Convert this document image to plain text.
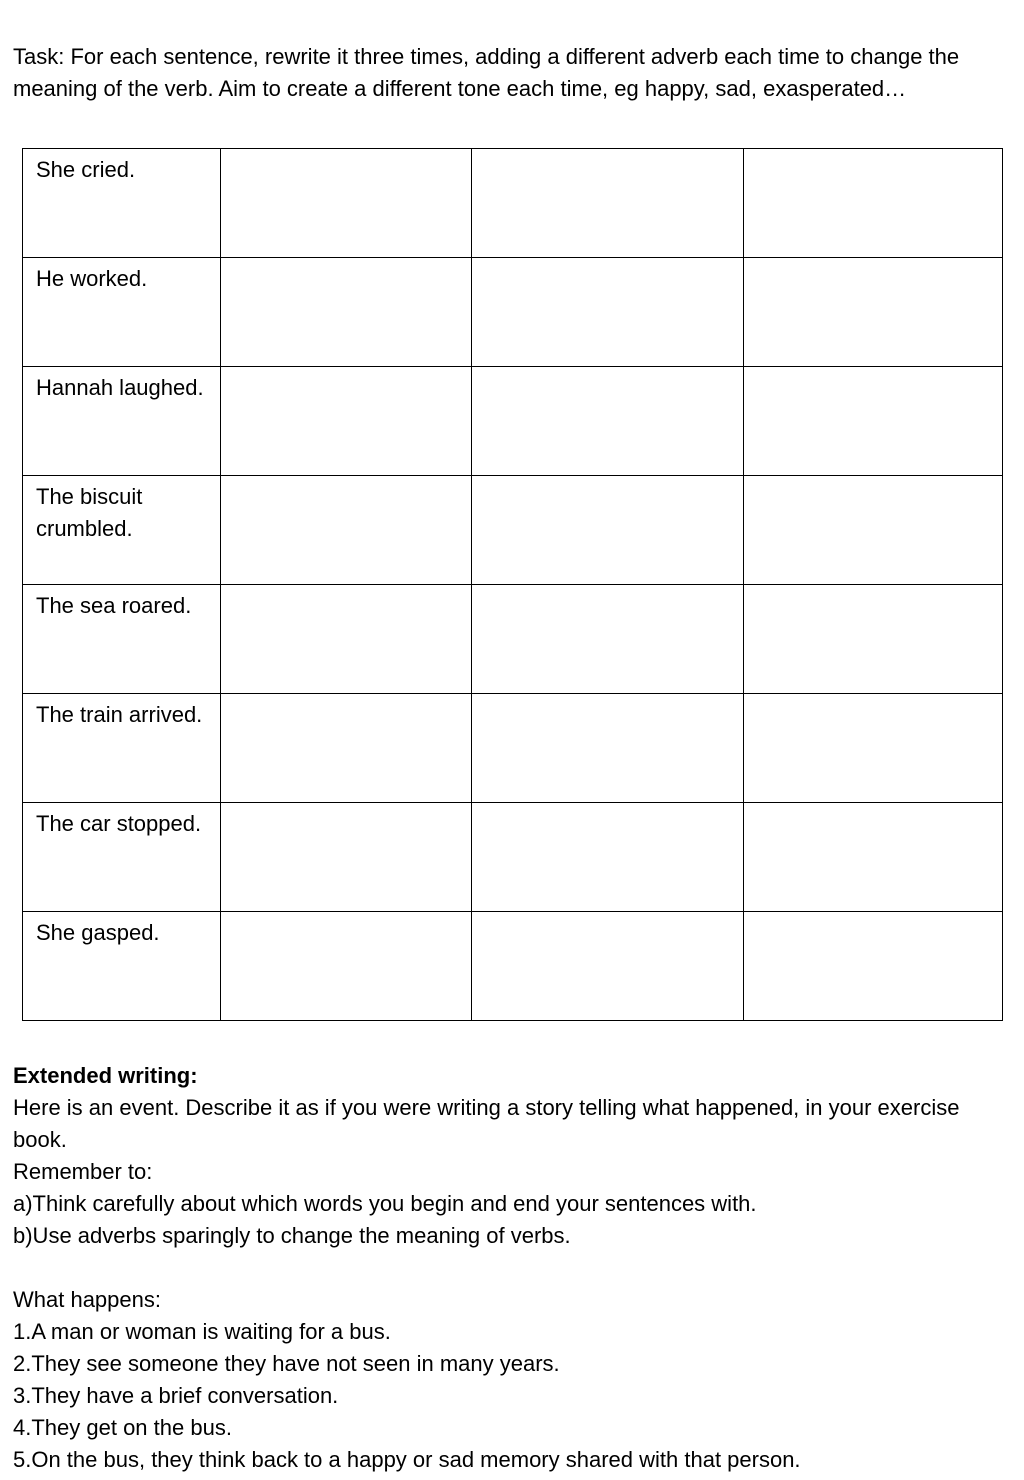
Task: For each sentence, rewrite it three times, adding a different adverb each time to change the meaning of the verb. Aim to create a different tone each time, eg happy, sad, exasperated…

She cried.			
He worked.			
Hannah laughed.			
The biscuit crumbled.			
The sea roared.			
The train arrived.			
The car stopped.			
She gasped.			

Extended writing:

Here is an event. Describe it as if you were writing a story telling what happened, in your exercise book.

Remember to:

a)Think carefully about which words you begin and end your sentences with.

b)Use adverbs sparingly to change the meaning of verbs.

What happens:

1.A man or woman is waiting for a bus.

2.They see someone they have not seen in many years.

3.They have a brief conversation.

4.They get on the bus.

5.On the bus, they think back to a happy or sad memory shared with that person.
